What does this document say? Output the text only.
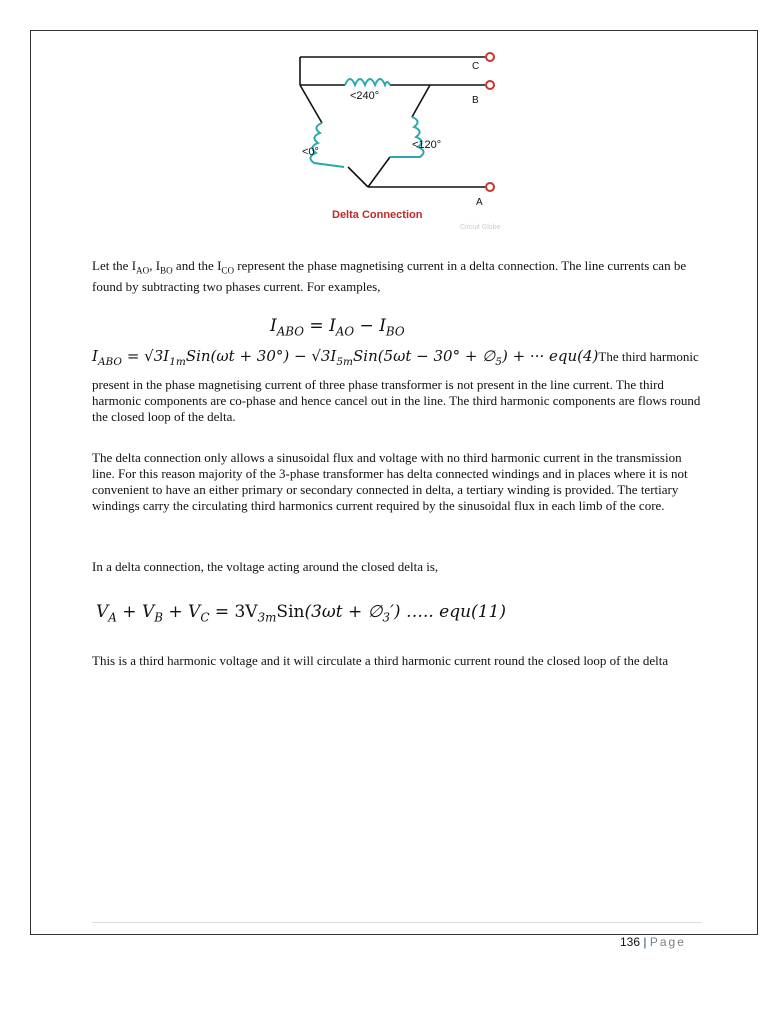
C
B
A
<240°
<0°
<120°
Delta Connection
Circuit Globe
Let the $I_{AO}$, $I_{BO}$ and the $I_{CO}$ represent the phase magnetising current in a delta connection. The line currents can be found by subtracting two phases current. For examples,
$I_{ABO} = I_{AO} - I_{BO}$
$I_{ABO} = √3I_{1m}Sin(\omega t + 30^\circ) - √3I_{5m}Sin(5\omega t - 30^\circ$ + $\emptyset_5$) + ··· equ(4)The third harmonic
present in the phase magnetising current of three phase transformer is not present in the line current. The third harmonic components are co-phase and hence cancel out in the line. The third harmonic components are flows round the closed loop of the delta.
The delta connection only allows a sinusoidal flux and voltage with no third harmonic current in the transmission line. For this reason majority of the 3-phase transformer has delta connected windings and in places where it is not convenient to have an either primary or secondary connected in delta, a tertiary winding is provided. The tertiary windings carry the circulating third harmonics current required by the sinusoidal flux in each limb of the core.
In a delta connection, the voltage acting around the closed delta is,
$V_A + V_B + V_C = 3V_{3m}Sin(3\omega t$ + $\emptyset_3'$) ….. equ(11)
This is a third harmonic voltage and it will circulate a third harmonic current round the closed loop of the delta
136 | Page
